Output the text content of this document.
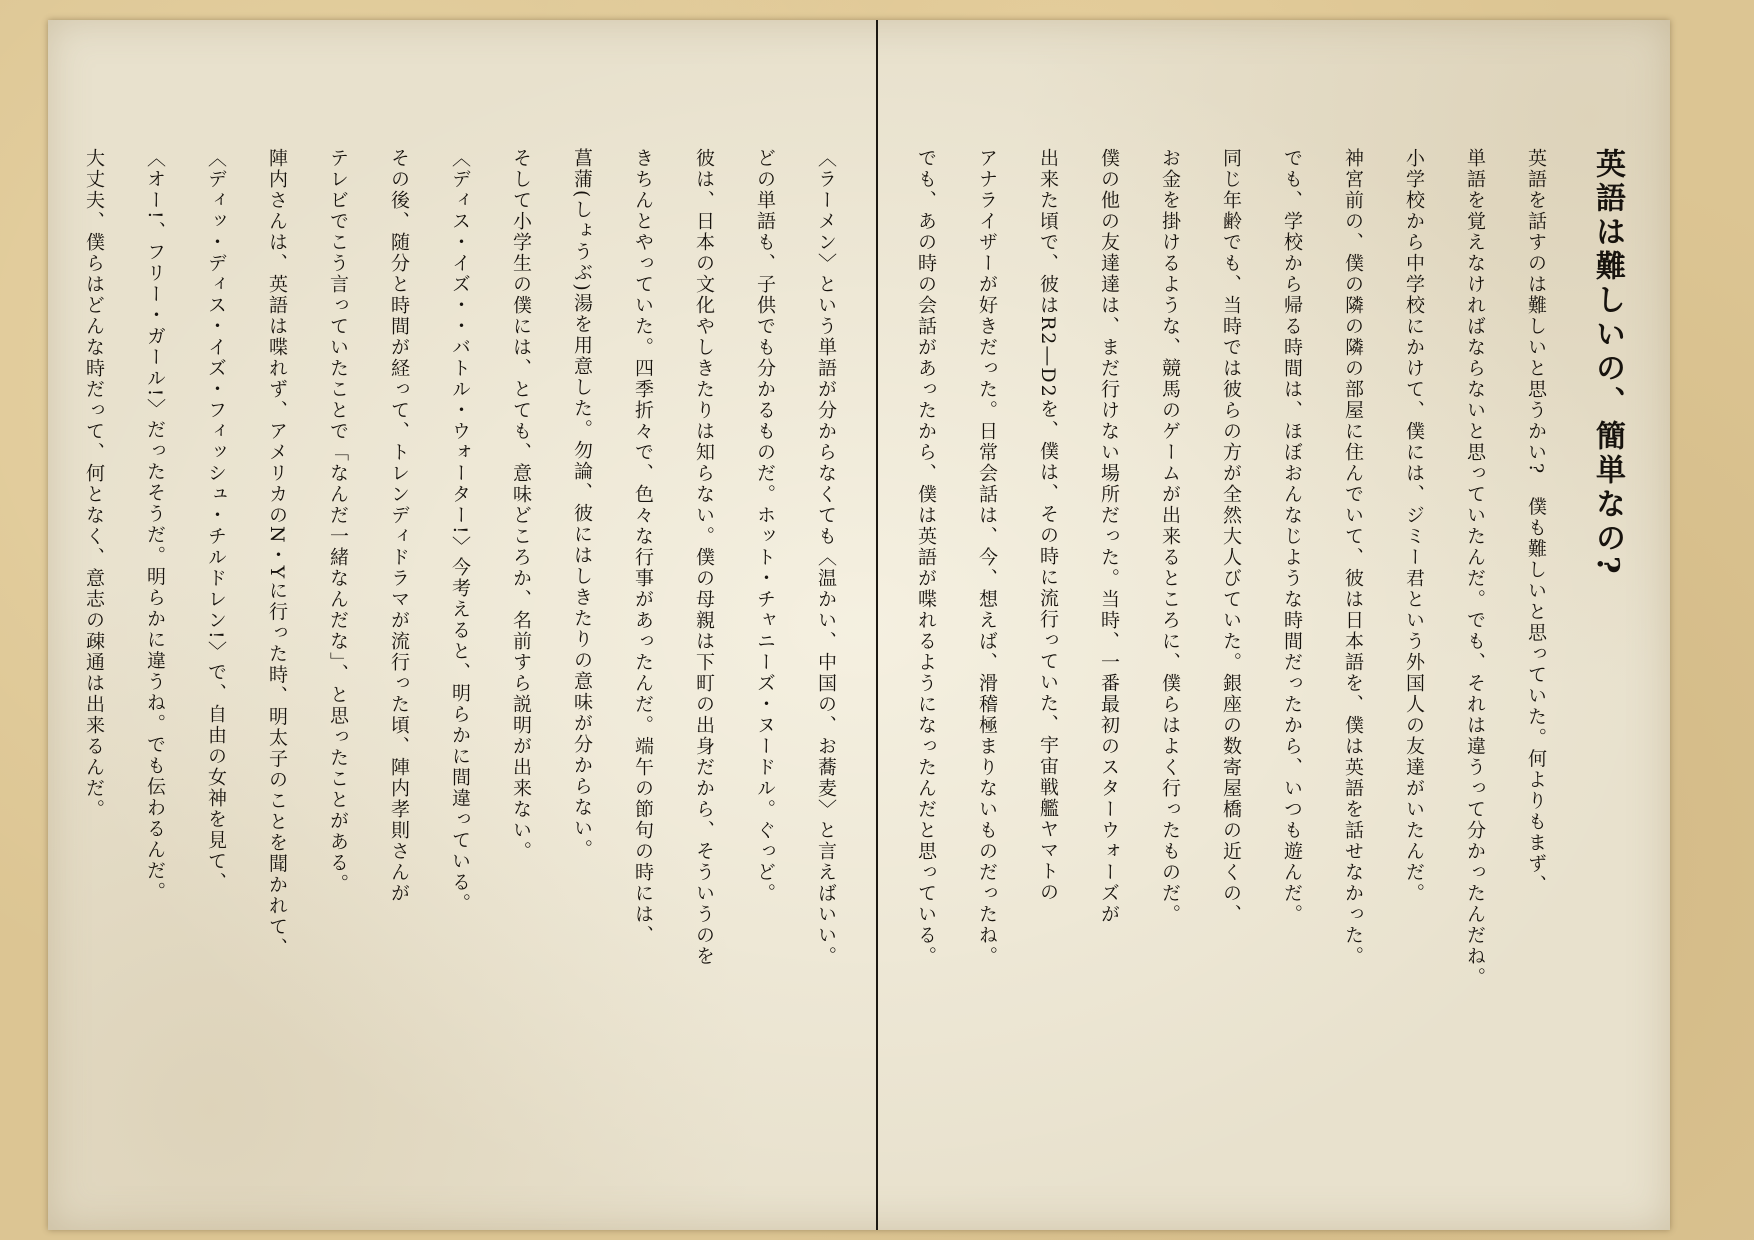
英語は難しいの、簡単なの?

英語を話すのは難しいと思うかい?　僕も難しいと思っていた。何よりもまず、

単語を覚えなければならないと思っていたんだ。でも、それは違うって分かったんだね。

小学校から中学校にかけて、僕には、ジミー君という外国人の友達がいたんだ。

神宮前の、僕の隣の隣の部屋に住んでいて、彼は日本語を、僕は英語を話せなかった。

でも、学校から帰る時間は、ほぼおんなじような時間だったから、いつも遊んだ。

同じ年齢でも、当時では彼らの方が全然大人びていた。銀座の数寄屋橋の近くの、

お金を掛けるような、競馬のゲームが出来るところに、僕らはよく行ったものだ。

僕の他の友達達は、まだ行けない場所だった。当時、一番最初のスターウォーズが

出来た頃で、彼はR2―D2を、僕は、その時に流行っていた、宇宙戦艦ヤマトの

アナライザーが好きだった。日常会話は、今、想えば、滑稽極まりないものだったね。

でも、あの時の会話があったから、僕は英語が喋れるようになったんだと思っている。

〈ラーメン〉という単語が分からなくても〈温かい、中国の、お蕎麦〉と言えばいい。

どの単語も、子供でも分かるものだ。ホット・チャニーズ・ヌードル。ぐっど。

彼は、日本の文化やしきたりは知らない。僕の母親は下町の出身だから、そういうのを

きちんとやっていた。四季折々で、色々な行事があったんだ。端午の節句の時には、

菖蒲(しょうぶ)湯を用意した。勿論、彼にはしきたりの意味が分からない。

そして小学生の僕には、とても、意味どころか、名前すら説明が出来ない。

〈ディス・イズ・・バトル・ウォーター!〉今考えると、明らかに間違っている。

その後、随分と時間が経って、トレンディドラマが流行った頃、陣内孝則さんが

テレビでこう言っていたことで「なんだ一緒なんだな」、と思ったことがある。

陣内さんは、英語は喋れず、アメリカのN・Yに行った時、明太子のことを聞かれて、

〈ディッ・ディス・イズ・フィッシュ・チルドレン!〉で、自由の女神を見て、

〈オー!、フリー・ガール!〉だったそうだ。明らかに違うね。でも伝わるんだ。

大丈夫、僕らはどんな時だって、何となく、意志の疎通は出来るんだ。
